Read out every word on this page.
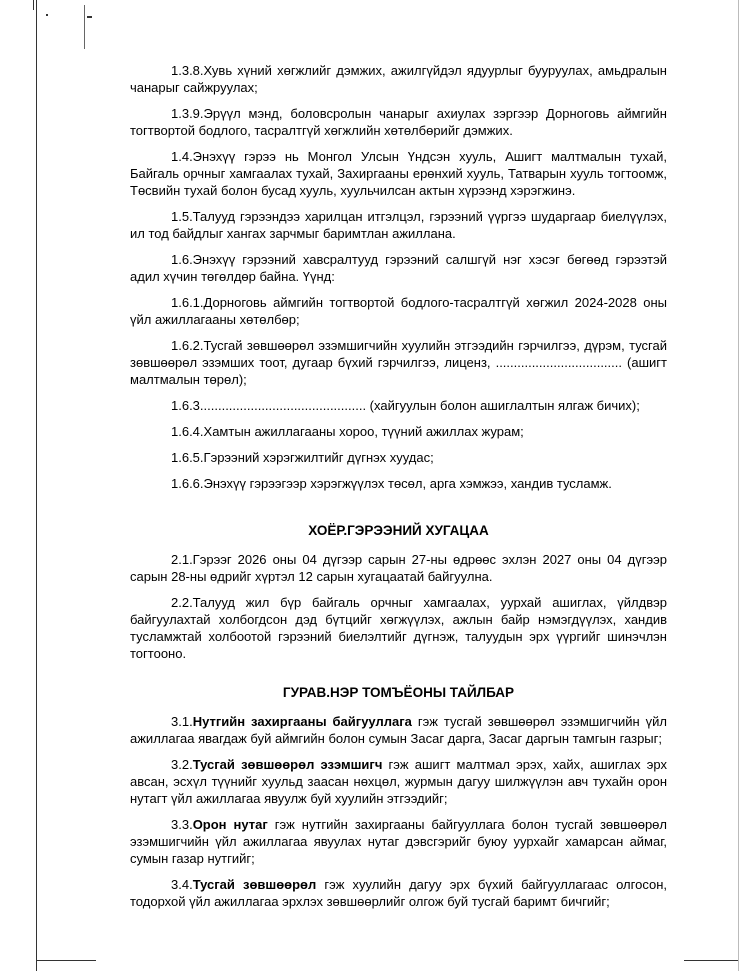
1.3.8.Хувь хүний хөгжлийг дэмжих, ажилгүйдэл ядуурлыг бууруулах, амьдралын чанарыг сайжруулах;

1.3.9.Эрүүл мэнд, боловсролын чанарыг ахиулах зэргээр Дорноговь аймгийн тогтвортой бодлого, тасралтгүй хөгжлийн хөтөлбөрийг дэмжих.

1.4.Энэхүү гэрээ нь Монгол Улсын Үндсэн хууль, Ашигт малтмалын тухай, Байгаль орчныг хамгаалах тухай, Захиргааны ерөнхий хууль, Татварын хууль тогтоомж, Төсвийн тухай болон бусад хууль, хуульчилсан актын хүрээнд хэрэгжинэ.

1.5.Талууд гэрээндээ харилцан итгэлцэл, гэрээний үүргээ шударгаар биелүүлэх, ил тод байдлыг хангах зарчмыг баримтлан ажиллана.

1.6.Энэхүү гэрээний хавсралтууд гэрээний салшгүй нэг хэсэг бөгөөд гэрээтэй адил хүчин төгөлдөр байна. Үүнд:

1.6.1.Дорноговь аймгийн тогтвортой бодлого-тасралтгүй хөгжил 2024-2028 оны үйл ажиллагааны хөтөлбөр;

1.6.2.Тусгай зөвшөөрөл эзэмшигчийн хуулийн этгээдийн гэрчилгээ, дүрэм, тусгай зөвшөөрөл эзэмших тоот, дугаар бүхий гэрчилгээ, лиценз, ................................... (ашигт малтмалын төрөл);

1.6.3.............................................. (хайгуулын болон ашиглалтын ялгаж бичих);

1.6.4.Хамтын ажиллагааны хороо, түүний ажиллах журам;

1.6.5.Гэрээний хэрэгжилтийг дүгнэх хуудас;

1.6.6.Энэхүү гэрээгээр хэрэгжүүлэх төсөл, арга хэмжээ, хандив тусламж.

ХОЁР.ГЭРЭЭНИЙ ХУГАЦАА

2.1.Гэрээг 2026 оны 04 дүгээр сарын 27-ны өдрөөс эхлэн 2027 оны 04 дүгээр сарын 28-ны өдрийг хүртэл 12 сарын хугацаатай байгуулна.

2.2.Талууд жил бүр байгаль орчныг хамгаалах, уурхай ашиглах, үйлдвэр байгуулахтай холбогдсон дэд бүтцийг хөгжүүлэх, ажлын байр нэмэгдүүлэх, хандив тусламжтай холбоотой гэрээний биелэлтийг дүгнэж, талуудын эрх үүргийг шинэчлэн тогтооно.

ГУРАВ.НЭР ТОМЪЁОНЫ ТАЙЛБАР

3.1.Нутгийн захиргааны байгууллага гэж тусгай зөвшөөрөл эзэмшигчийн үйл ажиллагаа явагдаж буй аймгийн болон сумын Засаг дарга, Засаг даргын тамгын газрыг;

3.2.Тусгай зөвшөөрөл эзэмшигч гэж ашигт малтмал эрэх, хайх, ашиглах эрх авсан, эсхүл түүнийг хуульд заасан нөхцөл, журмын дагуу шилжүүлэн авч тухайн орон нутагт үйл ажиллагаа явуулж буй хуулийн этгээдийг;

3.3.Орон нутаг гэж нутгийн захиргааны байгууллага болон тусгай зөвшөөрөл эзэмшигчийн үйл ажиллагаа явуулах нутаг дэвсгэрийг буюу уурхайг хамарсан аймаг, сумын газар нутгийг;

3.4.Тусгай зөвшөөрөл гэж хуулийн дагуу эрх бүхий байгууллагаас олгосон, тодорхой үйл ажиллагаа эрхлэх зөвшөөрлийг олгож буй тусгай баримт бичгийг;
